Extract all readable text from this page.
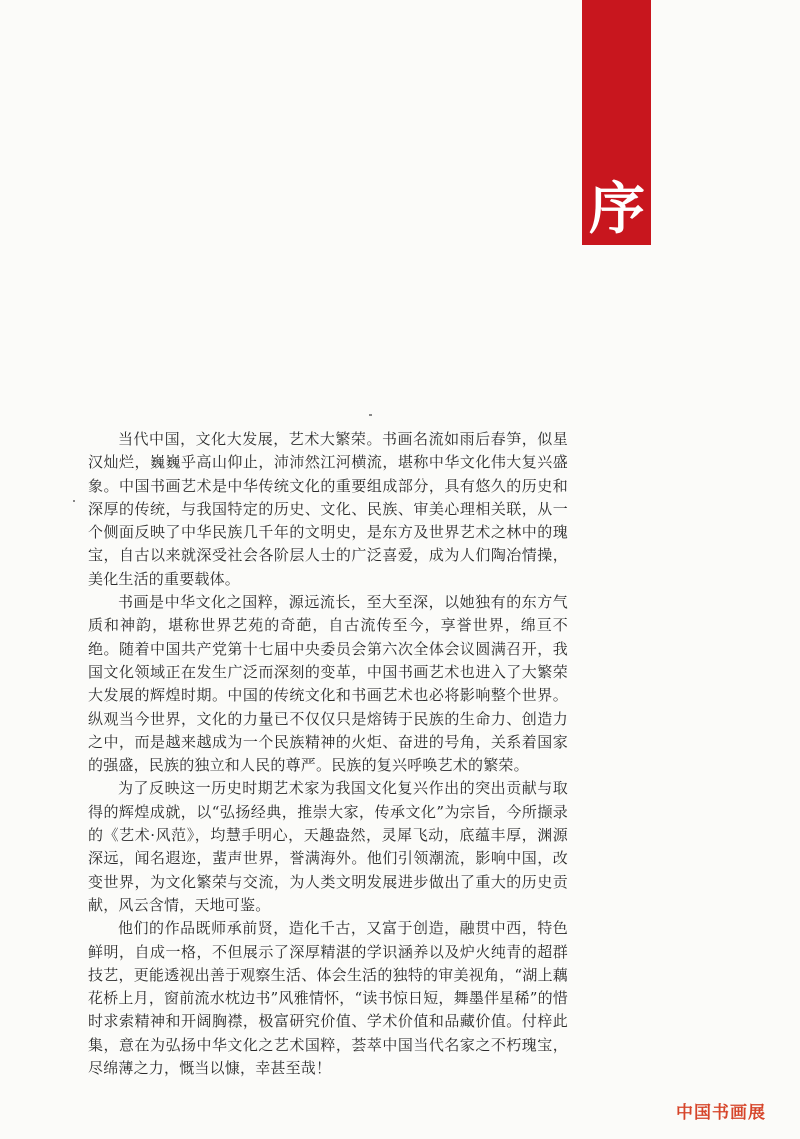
序

当代中国，文化大发展，艺术大繁荣。书画名流如雨后春笋，似星汉灿烂，巍巍乎高山仰止，沛沛然江河横流，堪称中华文化伟大复兴盛象。中国书画艺术是中华传统文化的重要组成部分，具有悠久的历史和深厚的传统，与我国特定的历史、文化、民族、审美心理相关联，从一个侧面反映了中华民族几千年的文明史，是东方及世界艺术之林中的瑰宝，自古以来就深受社会各阶层人士的广泛喜爱，成为人们陶冶情操，美化生活的重要载体。

书画是中华文化之国粹，源远流长，至大至深，以她独有的东方气质和神韵，堪称世界艺苑的奇葩，自古流传至今，享誉世界，绵亘不绝。随着中国共产党第十七届中央委员会第六次全体会议圆满召开，我国文化领域正在发生广泛而深刻的变革，中国书画艺术也进入了大繁荣大发展的辉煌时期。中国的传统文化和书画艺术也必将影响整个世界。纵观当今世界，文化的力量已不仅仅只是熔铸于民族的生命力、创造力之中，而是越来越成为一个民族精神的火炬、奋进的号角，关系着国家的强盛，民族的独立和人民的尊严。民族的复兴呼唤艺术的繁荣。

为了反映这一历史时期艺术家为我国文化复兴作出的突出贡献与取得的辉煌成就，以“弘扬经典，推崇大家，传承文化”为宗旨，今所撷录的《艺术·风范》，均慧手明心，天趣盎然，灵犀飞动，底蕴丰厚，渊源深远，闻名遐迩，蜚声世界，誉满海外。他们引领潮流，影响中国，改变世界，为文化繁荣与交流，为人类文明发展进步做出了重大的历史贡献，风云含情，天地可鉴。

他们的作品既师承前贤，造化千古，又富于创造，融贯中西，特色鲜明，自成一格，不但展示了深厚精湛的学识涵养以及炉火纯青的超群技艺，更能透视出善于观察生活、体会生活的独特的审美视角，“湖上藕花桥上月，窗前流水枕边书”风雅情怀，“读书惊日短，舞墨伴星稀”的惜时求索精神和开阔胸襟，极富研究价值、学术价值和品藏价值。付梓此集，意在为弘扬中华文化之艺术国粹，荟萃中国当代名家之不朽瑰宝，尽绵薄之力，慨当以慷，幸甚至哉！

中国书画展
